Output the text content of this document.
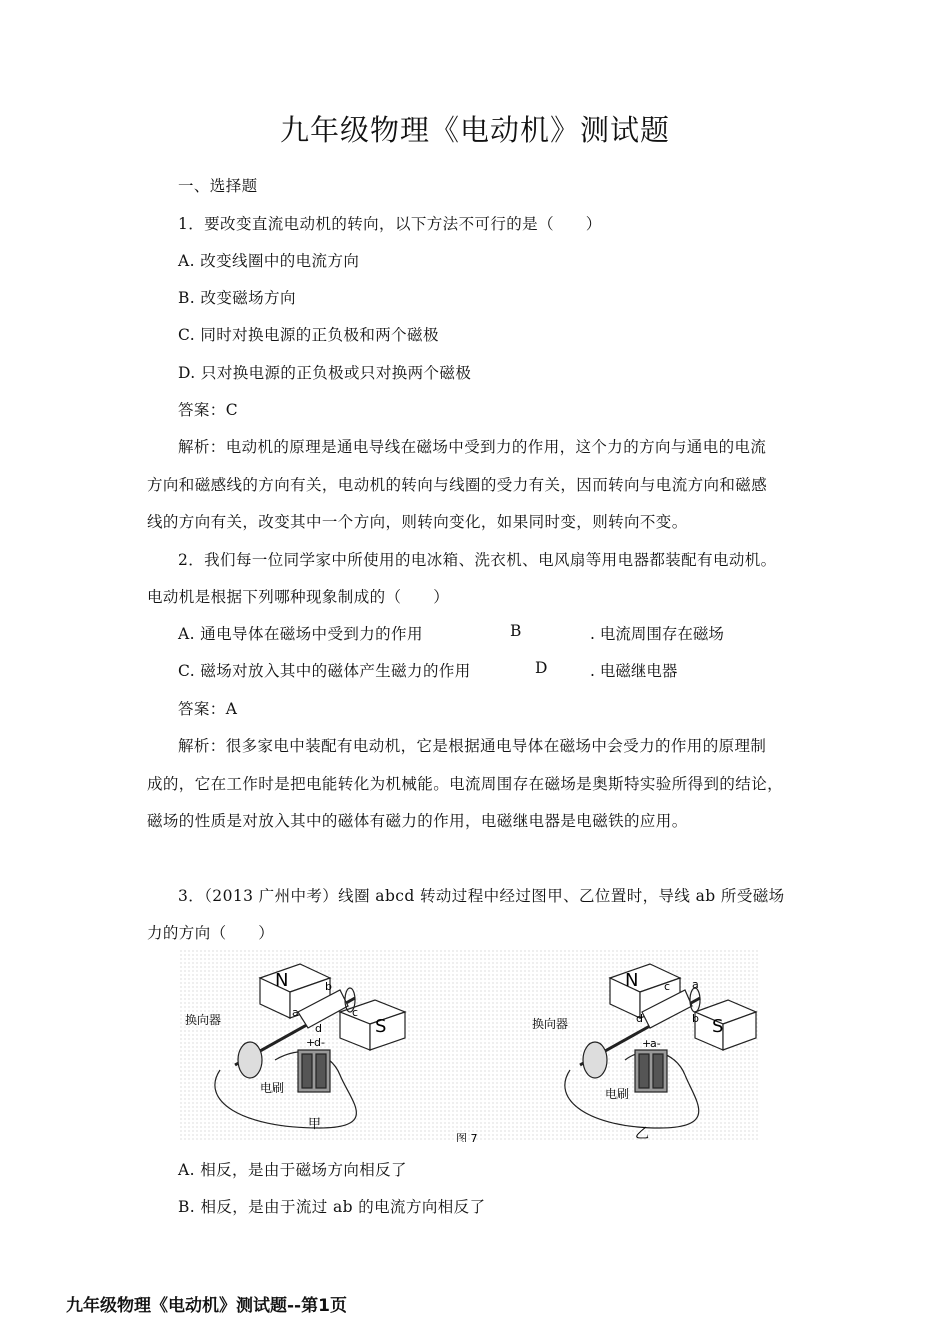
九年级物理《电动机》测试题
一、选择题
1．要改变直流电动机的转向，以下方法不可行的是（　　）
A. 改变线圈中的电流方向
B. 改变磁场方向
C. 同时对换电源的正负极和两个磁极
D. 只对换电源的正负极或只对换两个磁极
答案：C
解析：电动机的原理是通电导线在磁场中受到力的作用，这个力的方向与通电的电流
方向和磁感线的方向有关，电动机的转向与线圈的受力有关，因而转向与电流方向和磁感
线的方向有关，改变其中一个方向，则转向变化，如果同时变，则转向不变。
2．我们每一位同学家中所使用的电冰箱、洗衣机、电风扇等用电器都装配有电动机。
电动机是根据下列哪种现象制成的（　　）
A. 通电导体在磁场中受到力的作用	B	. 电流周围存在磁场
C. 磁场对放入其中的磁体产生磁力的作用	D	. 电磁继电器
答案：A
解析：很多家电中装配有电动机，它是根据通电导体在磁场中会受力的作用的原理制
成的，它在工作时是把电能转化为机械能。电流周围存在磁场是奥斯特实验所得到的结论，
磁场的性质是对放入其中的磁体有磁力的作用，电磁继电器是电磁铁的应用。
3．（2013 广州中考）线圈 abcd 转动过程中经过图甲、乙位置时，导线 ab 所受磁场
力的方向（　　）
N
S
换向器
电刷
甲
a
b
c
d
+
d-
图 7
N
S
换向器
电刷
乙
c a
b
d
+
a-
A. 相反，是由于磁场方向相反了
B. 相反，是由于流过 ab 的电流方向相反了
九年级物理《电动机》测试题--第1页
